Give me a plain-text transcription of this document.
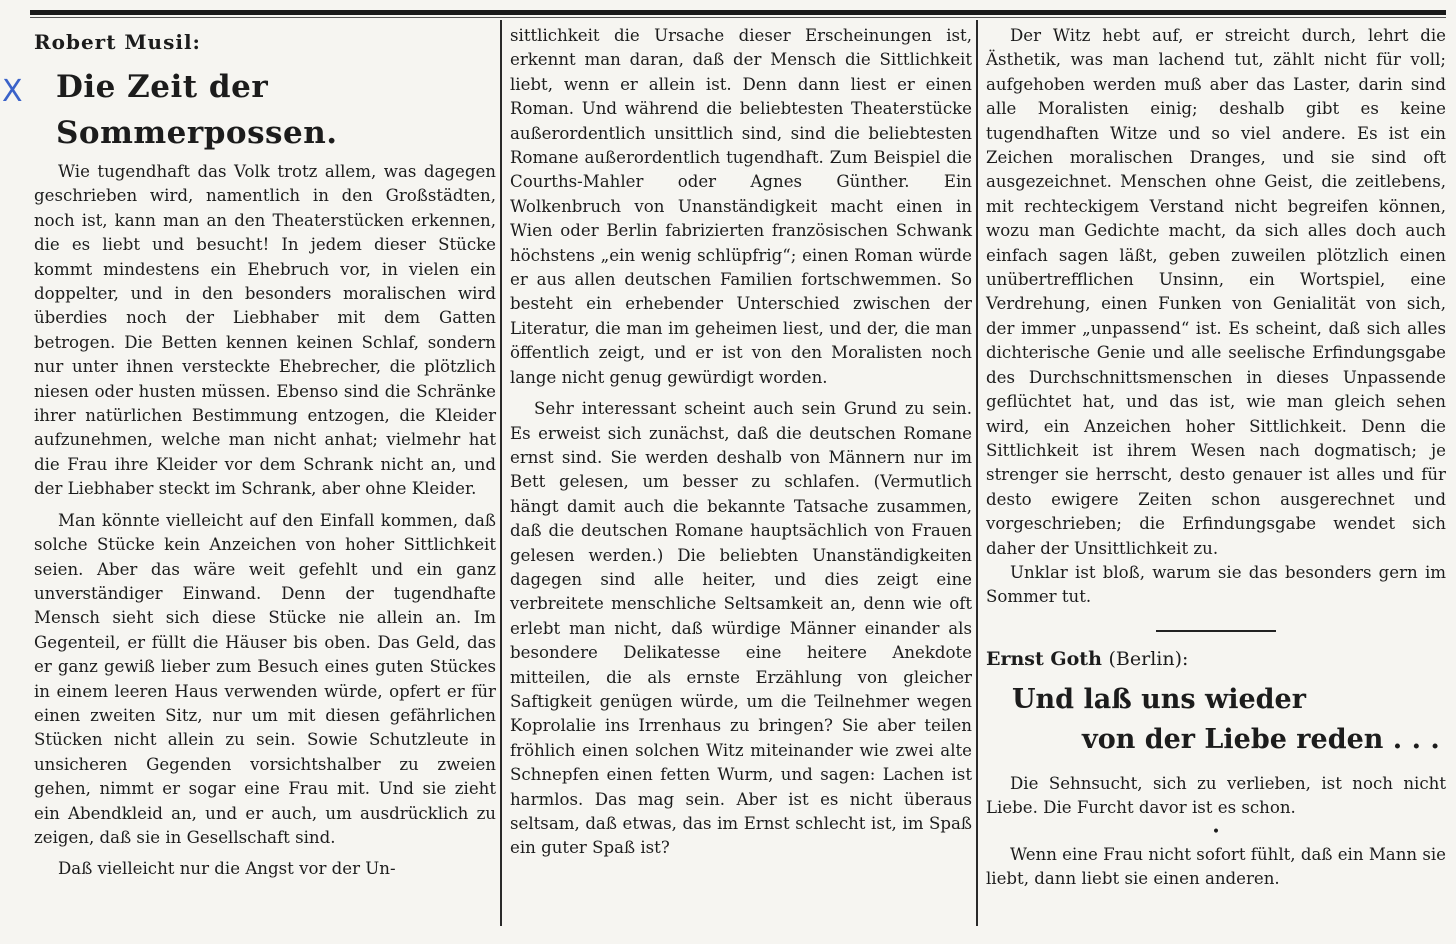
X
Robert Musil:
Die Zeit der Sommerpossen.

Wie tugendhaft das Volk trotz allem, was dagegen geschrieben wird, namentlich in den Großstädten, noch ist, kann man an den Theaterstücken erkennen, die es liebt und besucht! In jedem dieser Stücke kommt mindestens ein Ehebruch vor, in vielen ein doppelter, und in den besonders moralischen wird überdies noch der Liebhaber mit dem Gatten betrogen. Die Betten kennen keinen Schlaf, sondern nur unter ihnen versteckte Ehebrecher, die plötzlich niesen oder husten müssen. Ebenso sind die Schränke ihrer natürlichen Bestimmung entzogen, die Kleider aufzunehmen, welche man nicht anhat; vielmehr hat die Frau ihre Kleider vor dem Schrank nicht an, und der Liebhaber steckt im Schrank, aber ohne Kleider.

Man könnte vielleicht auf den Einfall kommen, daß solche Stücke kein Anzeichen von hoher Sittlichkeit seien. Aber das wäre weit gefehlt und ein ganz unverständiger Einwand. Denn der tugendhafte Mensch sieht sich diese Stücke nie allein an. Im Gegenteil, er füllt die Häuser bis oben. Das Geld, das er ganz gewiß lieber zum Besuch eines guten Stückes in einem leeren Haus verwenden würde, opfert er für einen zweiten Sitz, nur um mit diesen gefährlichen Stücken nicht allein zu sein. Sowie Schutzleute in unsicheren Gegenden vorsichtshalber zu zweien gehen, nimmt er sogar eine Frau mit. Und sie zieht ein Abendkleid an, und er auch, um ausdrücklich zu zeigen, daß sie in Gesellschaft sind.

Daß vielleicht nur die Angst vor der Un-

sittlichkeit die Ursache dieser Erscheinungen ist, erkennt man daran, daß der Mensch die Sittlichkeit liebt, wenn er allein ist. Denn dann liest er einen Roman. Und während die beliebtesten Theaterstücke außerordentlich unsittlich sind, sind die beliebtesten Romane außerordentlich tugendhaft. Zum Beispiel die Courths-Mahler oder Agnes Günther. Ein Wolkenbruch von Unanständigkeit macht einen in Wien oder Berlin fabrizierten französischen Schwank höchstens „ein wenig schlüpfrig“; einen Roman würde er aus allen deutschen Familien fortschwemmen. So besteht ein erhebender Unterschied zwischen der Literatur, die man im geheimen liest, und der, die man öffentlich zeigt, und er ist von den Moralisten noch lange nicht genug gewürdigt worden.

Sehr interessant scheint auch sein Grund zu sein. Es erweist sich zunächst, daß die deutschen Romane ernst sind. Sie werden deshalb von Männern nur im Bett gelesen, um besser zu schlafen. (Vermutlich hängt damit auch die bekannte Tatsache zusammen, daß die deutschen Romane hauptsächlich von Frauen gelesen werden.) Die beliebten Unanständigkeiten dagegen sind alle heiter, und dies zeigt eine verbreitete menschliche Seltsamkeit an, denn wie oft erlebt man nicht, daß würdige Männer einander als besondere Delikatesse eine heitere Anekdote mitteilen, die als ernste Erzählung von gleicher Saftigkeit genügen würde, um die Teilnehmer wegen Koprolalie ins Irrenhaus zu bringen? Sie aber teilen fröhlich einen solchen Witz miteinander wie zwei alte Schnepfen einen fetten Wurm, und sagen: Lachen ist harmlos. Das mag sein. Aber ist es nicht überaus seltsam, daß etwas, das im Ernst schlecht ist, im Spaß ein guter Spaß ist?

Der Witz hebt auf, er streicht durch, lehrt die Ästhetik, was man lachend tut, zählt nicht für voll; aufgehoben werden muß aber das Laster, darin sind alle Moralisten einig; deshalb gibt es keine tugendhaften Witze und so viel andere. Es ist ein Zeichen moralischen Dranges, und sie sind oft ausgezeichnet. Menschen ohne Geist, die zeitlebens, mit rechteckigem Verstand nicht begreifen können, wozu man Gedichte macht, da sich alles doch auch einfach sagen läßt, geben zuweilen plötzlich einen unübertrefflichen Unsinn, ein Wortspiel, eine Verdrehung, einen Funken von Genialität von sich, der immer „unpassend“ ist. Es scheint, daß sich alles dichterische Genie und alle seelische Erfindungsgabe des Durchschnittsmenschen in dieses Unpassende geflüchtet hat, und das ist, wie man gleich sehen wird, ein Anzeichen hoher Sittlichkeit. Denn die Sittlichkeit ist ihrem Wesen nach dogmatisch; je strenger sie herrscht, desto genauer ist alles und für desto ewigere Zeiten schon ausgerechnet und vorgeschrieben; die Erfindungsgabe wendet sich daher der Unsittlichkeit zu.

Unklar ist bloß, warum sie das besonders gern im Sommer tut.

Ernst Goth (Berlin):
Und laß uns wieder
von der Liebe reden . . .

Die Sehnsucht, sich zu verlieben, ist noch nicht Liebe. Die Furcht davor ist es schon.

•

Wenn eine Frau nicht sofort fühlt, daß ein Mann sie liebt, dann liebt sie einen anderen.
